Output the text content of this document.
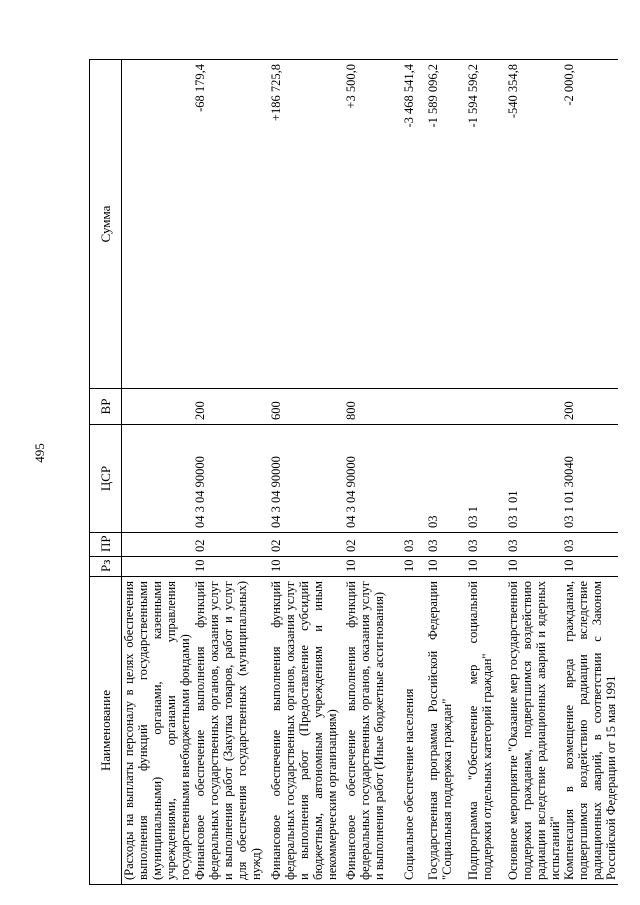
495
Наименование	Рз	ПР	ЦСР	ВР	Сумма
(Расходы на выплаты персоналу в целях обеспечения выполнения функций государственными (муниципальными) органами, казенными учреждениями, органами управления государственными внебюджетными фондами)					
Финансовое обеспечение выполнения функций федеральных государственных органов, оказания услуг и выполнения работ (Закупка товаров, работ и услуг для обеспечения государственных (муниципальных) нужд)	10	02	04 3 04 90000	200	-68 179,4
Финансовое обеспечение выполнения функций федеральных государственных органов, оказания услуг и выполнения работ (Предоставление субсидий бюджетным, автономным учреждениям и иным некоммерческим организациям)	10	02	04 3 04 90000	600	+186 725,8
Финансовое обеспечение выполнения функций федеральных государственных органов, оказания услуг и выполнения работ (Иные бюджетные ассигнования)	10	02	04 3 04 90000	800	+3 500,0
Социальное обеспечение населения	10	03			-3 468 541,4
Государственная программа Российской Федерации "Социальная поддержка граждан"	10	03	03		-1 589 096,2
Подпрограмма "Обеспечение мер социальной поддержки отдельных категорий граждан"	10	03	03 1		-1 594 596,2
Основное мероприятие "Оказание мер государственной поддержки гражданам, подвергшимся воздействию радиации вследствие радиационных аварий и ядерных испытаний"	10	03	03 1 01		-540 354,8
Компенсация в возмещение вреда гражданам, подвергшимся воздействию радиации вследствие радиационных аварий, в соответствии с Законом Российской Федерации от 15 мая 1991	10	03	03 1 01 30040	200	-2 000,0
